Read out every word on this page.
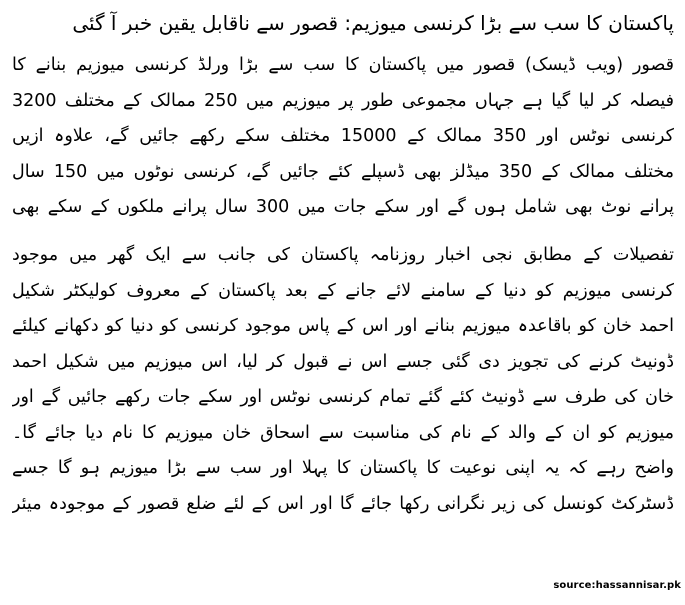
پاکستان کا سب سے بڑا کرنسی میوزیم: قصور سے ناقابل یقین خبر آ گئی

قصور (ویب ڈیسک) قصور میں پاکستان کا سب سے بڑا ورلڈ کرنسی میوزیم بنانے کا فیصلہ کر لیا گیا ہے جہاں مجموعی طور پر میوزیم میں 250 ممالک کے مختلف 3200 کرنسی نوٹس اور 350 ممالک کے 15000 مختلف سکے رکھے جائیں گے، علاوہ ازیں مختلف ممالک کے 350 میڈلز بھی ڈسپلے کئے جائیں گے، کرنسی نوٹوں میں 150 سال پرانے نوٹ بھی شامل ہوں گے اور سکے جات میں 300 سال پرانے ملکوں کے سکے بھی

تفصیلات کے مطابق نجی اخبار روزنامہ پاکستان کی جانب سے ایک گھر میں موجود کرنسی میوزیم کو دنیا کے سامنے لائے جانے کے بعد پاکستان کے معروف کولیکٹر شکیل احمد خان کو باقاعدہ میوزیم بنانے اور اس کے پاس موجود کرنسی کو دنیا کو دکھانے کیلئے ڈونیٹ کرنے کی تجویز دی گئی جسے اس نے قبول کر لیا، اس میوزیم میں شکیل احمد خان کی طرف سے ڈونیٹ کئے گئے تمام کرنسی نوٹس اور سکے جات رکھے جائیں گے اور میوزیم کو ان کے والد کے نام کی مناسبت سے اسحاق خان میوزیم کا نام دیا جائے گا۔ واضح رہے کہ یہ اپنی نوعیت کا پاکستان کا پہلا اور سب سے بڑا میوزیم ہو گا جسے ڈسٹرکٹ کونسل کی زیر نگرانی رکھا جائے گا اور اس کے لئے ضلع قصور کے موجودہ میئر

source:hassannisar.pk
